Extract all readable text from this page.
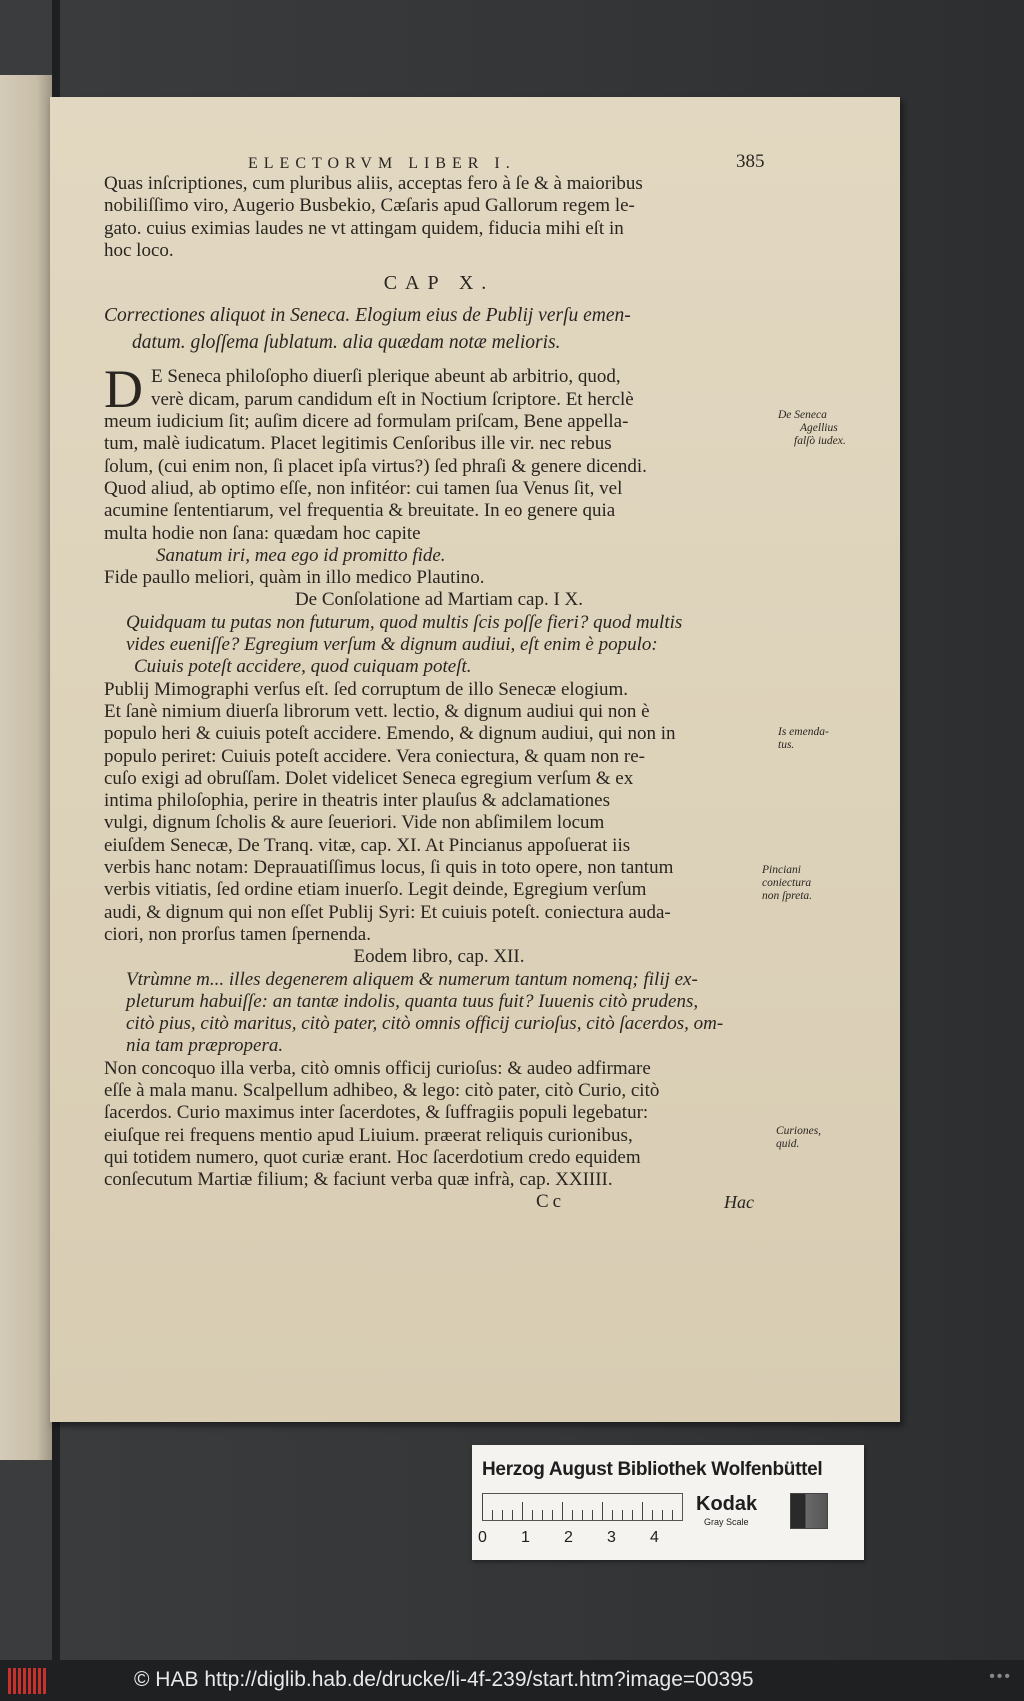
ELECTORVM LIBER I.	385

Quas inſcriptiones, cum pluribus aliis, acceptas fero à ſe & à maioribus

nobiliſſimo viro, Augerio Busbekio, Cæſaris apud Gallorum regem le-

gato. cuius eximias laudes ne vt attingam quidem, fiducia mihi eſt in

hoc loco.

CAP X.

Correctiones aliquot in Seneca. Elogium eius de Publij verſu emen-
datum. gloſſema ſublatum. alia quædam notæ melioris.

D E Seneca philoſopho diuerſi plerique abeunt ab arbitrio, quod,

verè dicam, parum candidum eſt in Noctium ſcriptore. Et herclè

meum iudicium ſit; auſim dicere ad formulam priſcam, Bene appella-

tum, malè iudicatum. Placet legitimis Cenſoribus ille vir. nec rebus

ſolum, (cui enim non, ſi placet ipſa virtus?) ſed phraſi & genere dicendi.

Quod aliud, ab optimo eſſe, non infitéor: cui tamen ſua Venus ſit, vel

acumine ſententiarum, vel frequentia & breuitate. In eo genere quia

multa hodie non ſana: quædam hoc capite

Sanatum iri, mea ego id promitto fide.

Fide paullo meliori, quàm in illo medico Plautino.

De Conſolatione ad Martiam cap. I X.

Quidquam tu putas non futurum, quod multis ſcis poſſe fieri? quod multis

vides eueniſſe? Egregium verſum & dignum audiui, eſt enim è populo:

Cuiuis poteſt accidere, quod cuiquam poteſt.

Publij Mimographi verſus eſt. ſed corruptum de illo Senecæ elogium.

Et ſanè nimium diuerſa librorum vett. lectio, & dignum audiui qui non è

populo heri & cuiuis poteſt accidere. Emendo, & dignum audiui, qui non in

populo periret: Cuiuis poteſt accidere. Vera coniectura, & quam non re-

cuſo exigi ad obruſſam. Dolet videlicet Seneca egregium verſum & ex

intima philoſophia, perire in theatris inter plauſus & adclamationes

vulgi, dignum ſcholis & aure ſeueriori. Vide non abſimilem locum

eiuſdem Senecæ, De Tranq. vitæ, cap. XI. At Pincianus appoſuerat iis

verbis hanc notam: Deprauatiſſimus locus, ſi quis in toto opere, non tantum

verbis vitiatis, ſed ordine etiam inuerſo. Legit deinde, Egregium verſum

audi, & dignum qui non eſſet Publij Syri: Et cuiuis poteſt. coniectura auda-

ciori, non prorſus tamen ſpernenda.

Eodem libro, cap. XII.

Vtrùmne m... illes degenerem aliquem & numerum tantum nomenq; filij ex-

pleturum habuiſſe: an tantæ indolis, quanta tuus fuit? Iuuenis citò prudens,

citò pius, citò maritus, citò pater, citò omnis officij curioſus, citò ſacerdos, om-

nia tam præpropera.

Non concoquo illa verba, citò omnis officij curioſus: & audeo adfirmare

eſſe à mala manu. Scalpellum adhibeo, & lego: citò pater, citò Curio, citò

ſacerdos. Curio maximus inter ſacerdotes, & ſuffragiis populi legebatur:

eiuſque rei frequens mentio apud Liuium. præerat reliquis curionibus,

qui totidem numero, quot curiæ erant. Hoc ſacerdotium credo equidem

conſecutum Martiæ filium; & faciunt verba quæ infrà, cap. XXIIII.

Cc	Hac
De Seneca
Agellius
falſò iudex.
Is emenda-
tus.
Pinciani
coniectura
non ſpreta.
Curiones,
quid.
Herzog August Bibliothek Wolfenbüttel
0 1 2 3 4
Kodak
Gray Scale
© HAB http://diglib.hab.de/drucke/li-4f-239/start.htm?image=00395	•••
